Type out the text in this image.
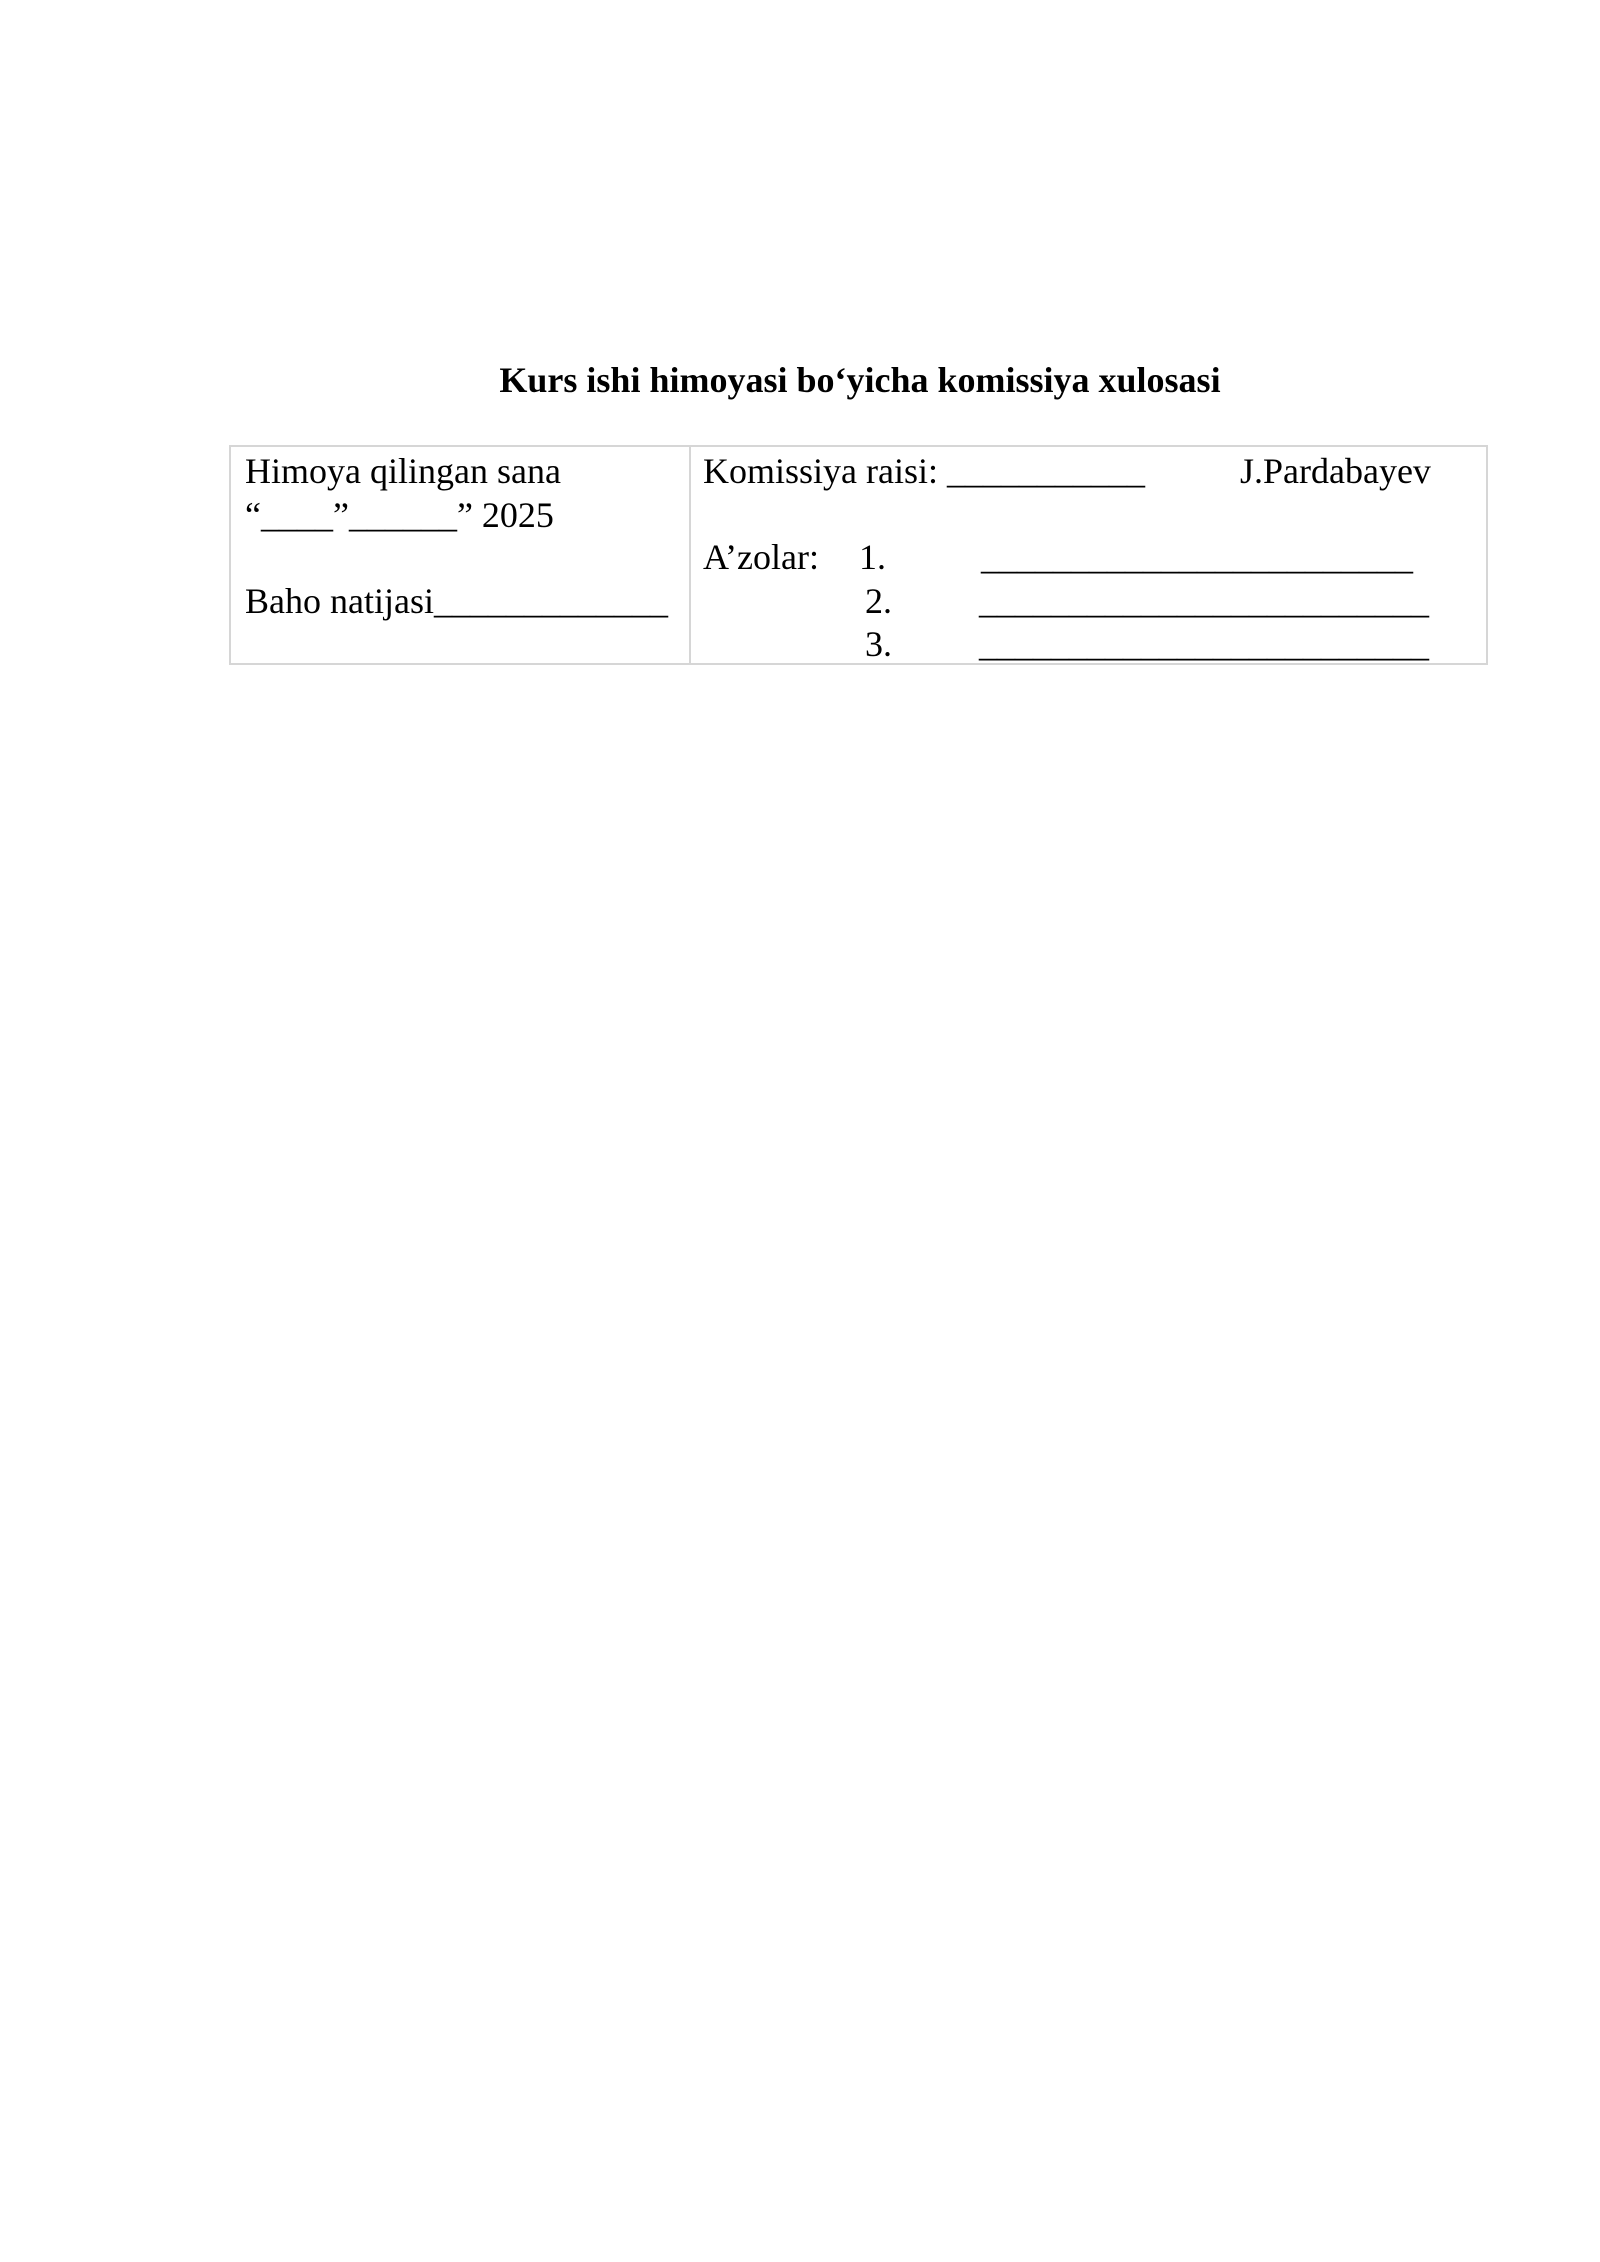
Kurs ishi himoyasi bo‘yicha komissiya xulosasi
Himoya qilingan sana
“____”______” 2025
Baho natijasi_____________
Komissiya raisi: ___________	J.Pardabayev
A’zolar: 1.	________________________
2. _________________________
3. _________________________
